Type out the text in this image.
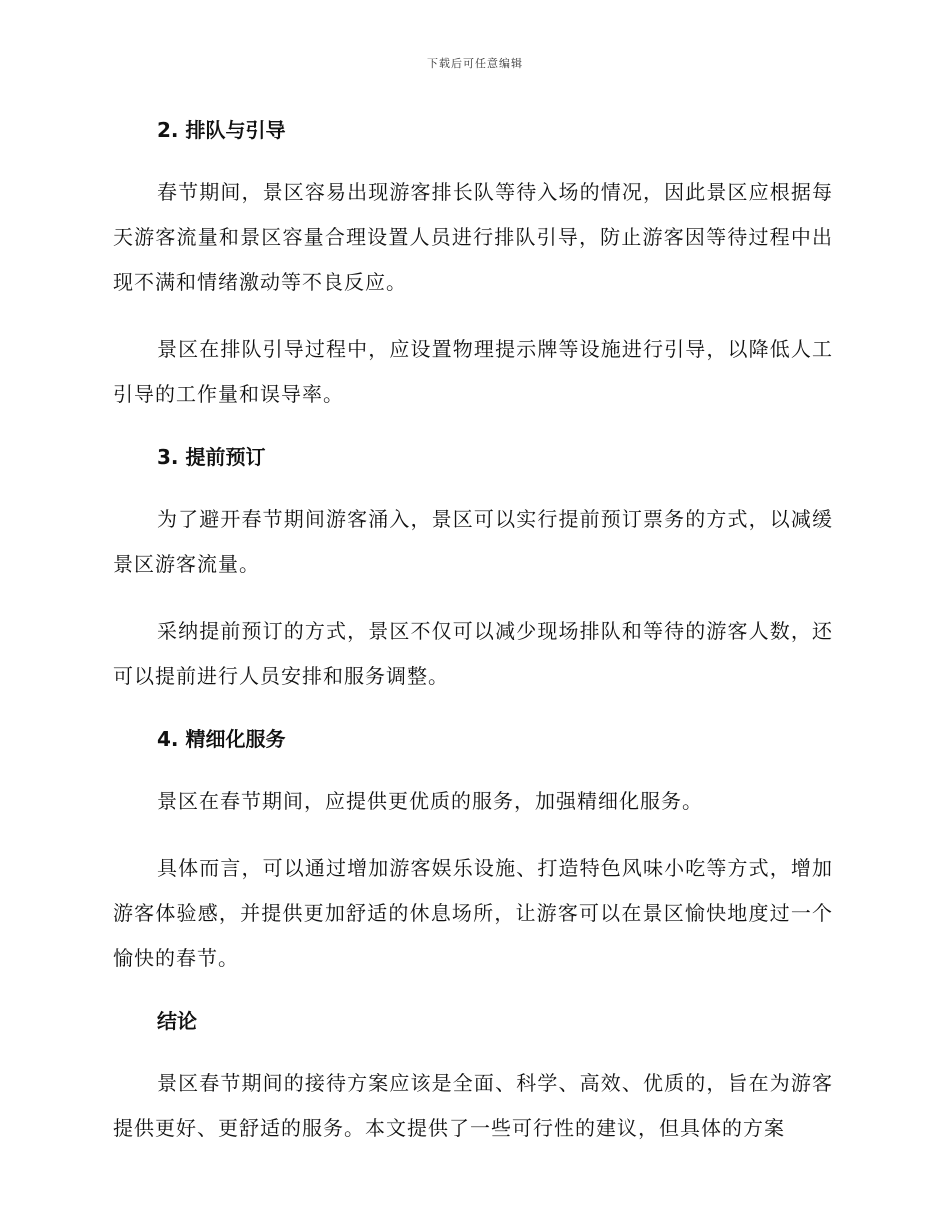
下载后可任意编辑
2. 排队与引导

春节期间，景区容易出现游客排长队等待入场的情况，因此景区应根据每天游客流量和景区容量合理设置人员进行排队引导，防止游客因等待过程中出现不满和情绪激动等不良反应。

景区在排队引导过程中，应设置物理提示牌等设施进行引导，以降低人工引导的工作量和误导率。

3. 提前预订

为了避开春节期间游客涌入，景区可以实行提前预订票务的方式，以减缓景区游客流量。

采纳提前预订的方式，景区不仅可以减少现场排队和等待的游客人数，还可以提前进行人员安排和服务调整。

4. 精细化服务

景区在春节期间，应提供更优质的服务，加强精细化服务。

具体而言，可以通过增加游客娱乐设施、打造特色风味小吃等方式，增加游客体验感，并提供更加舒适的休息场所，让游客可以在景区愉快地度过一个愉快的春节。

结论

景区春节期间的接待方案应该是全面、科学、高效、优质的，旨在为游客提供更好、更舒适的服务。本文提供了一些可行性的建议，但具体的方案
